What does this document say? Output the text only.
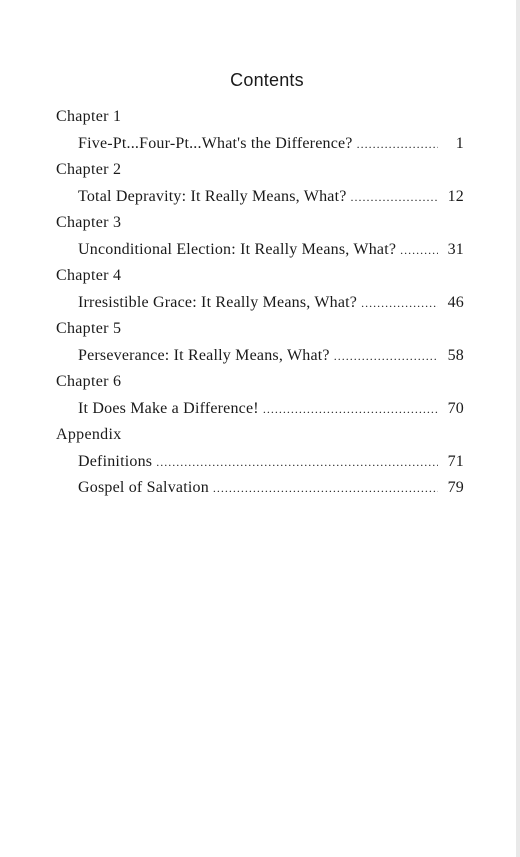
Contents
Chapter 1
Five-Pt...Four-Pt...What's the Difference? .....	1
Chapter 2
Total Depravity: It Really Means, What? .....	12
Chapter 3
Unconditional Election: It Really Means, What? .....	31
Chapter 4
Irresistible Grace: It Really Means, What? .....	46
Chapter 5
Perseverance: It Really Means, What? .....	58
Chapter 6
It Does Make a Difference! .....	70
Appendix
Definitions .....	71
Gospel of Salvation .....	79
